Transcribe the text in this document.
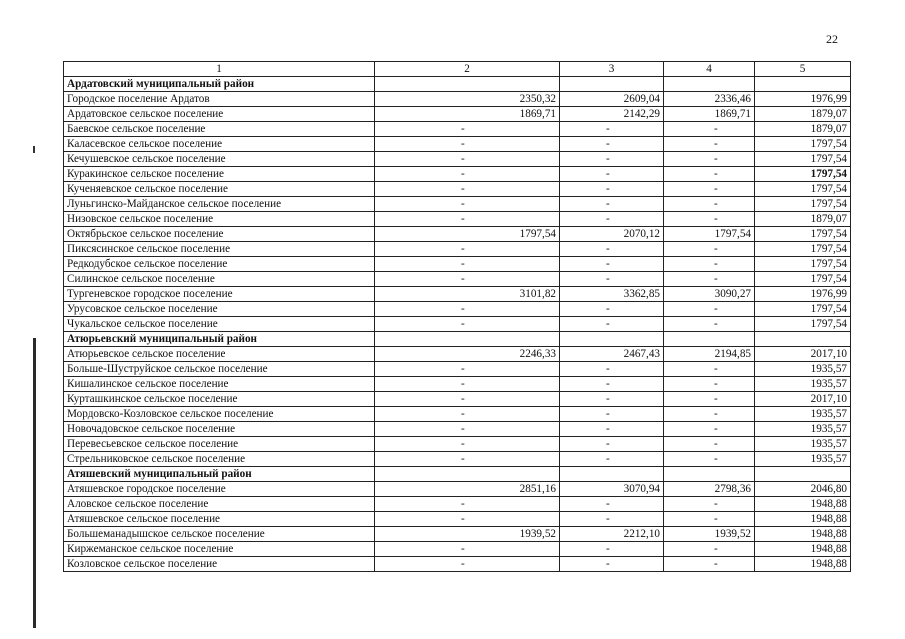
22
1	2	3	4	5
Ардатовский муниципальный район				
Городское поселение Ардатов	2350,32	2609,04	2336,46	1976,99
Ардатовское сельское поселение	1869,71	2142,29	1869,71	1879,07
Баевское сельское поселение	-	-	-	1879,07
Каласевское сельское поселение	-	-	-	1797,54
Кечушевское сельское поселение	-	-	-	1797,54
Куракинское сельское поселение	-	-	-	1797,54
Кученяевское сельское поселение	-	-	-	1797,54
Луньгинско-Майданское сельское поселение	-	-	-	1797,54
Низовское сельское поселение	-	-	-	1879,07
Октябрьское сельское поселение	1797,54	2070,12	1797,54	1797,54
Пиксясинское сельское поселение	-	-	-	1797,54
Редкодубское сельское поселение	-	-	-	1797,54
Силинское сельское поселение	-	-	-	1797,54
Тургеневское городское поселение	3101,82	3362,85	3090,27	1976,99
Урусовское сельское поселение	-	-	-	1797,54
Чукальское сельское поселение	-	-	-	1797,54
Атюрьевский муниципальный район				
Атюрьевское сельское поселение	2246,33	2467,43	2194,85	2017,10
Больше-Шуструйское сельское поселение	-	-	-	1935,57
Кишалинское сельское поселение	-	-	-	1935,57
Курташкинское сельское поселение	-	-	-	2017,10
Мордовско-Козловское сельское поселение	-	-	-	1935,57
Новочадовское сельское поселение	-	-	-	1935,57
Перевесьевское сельское поселение	-	-	-	1935,57
Стрельниковское сельское поселение	-	-	-	1935,57
Атяшевский муниципальный район				
Атяшевское городское поселение	2851,16	3070,94	2798,36	2046,80
Аловское сельское поселение	-	-	-	1948,88
Атяшевское сельское поселение	-	-	-	1948,88
Большеманадышское сельское поселение	1939,52	2212,10	1939,52	1948,88
Киржеманское сельское поселение	-	-	-	1948,88
Козловское сельское поселение	-	-	-	1948,88
